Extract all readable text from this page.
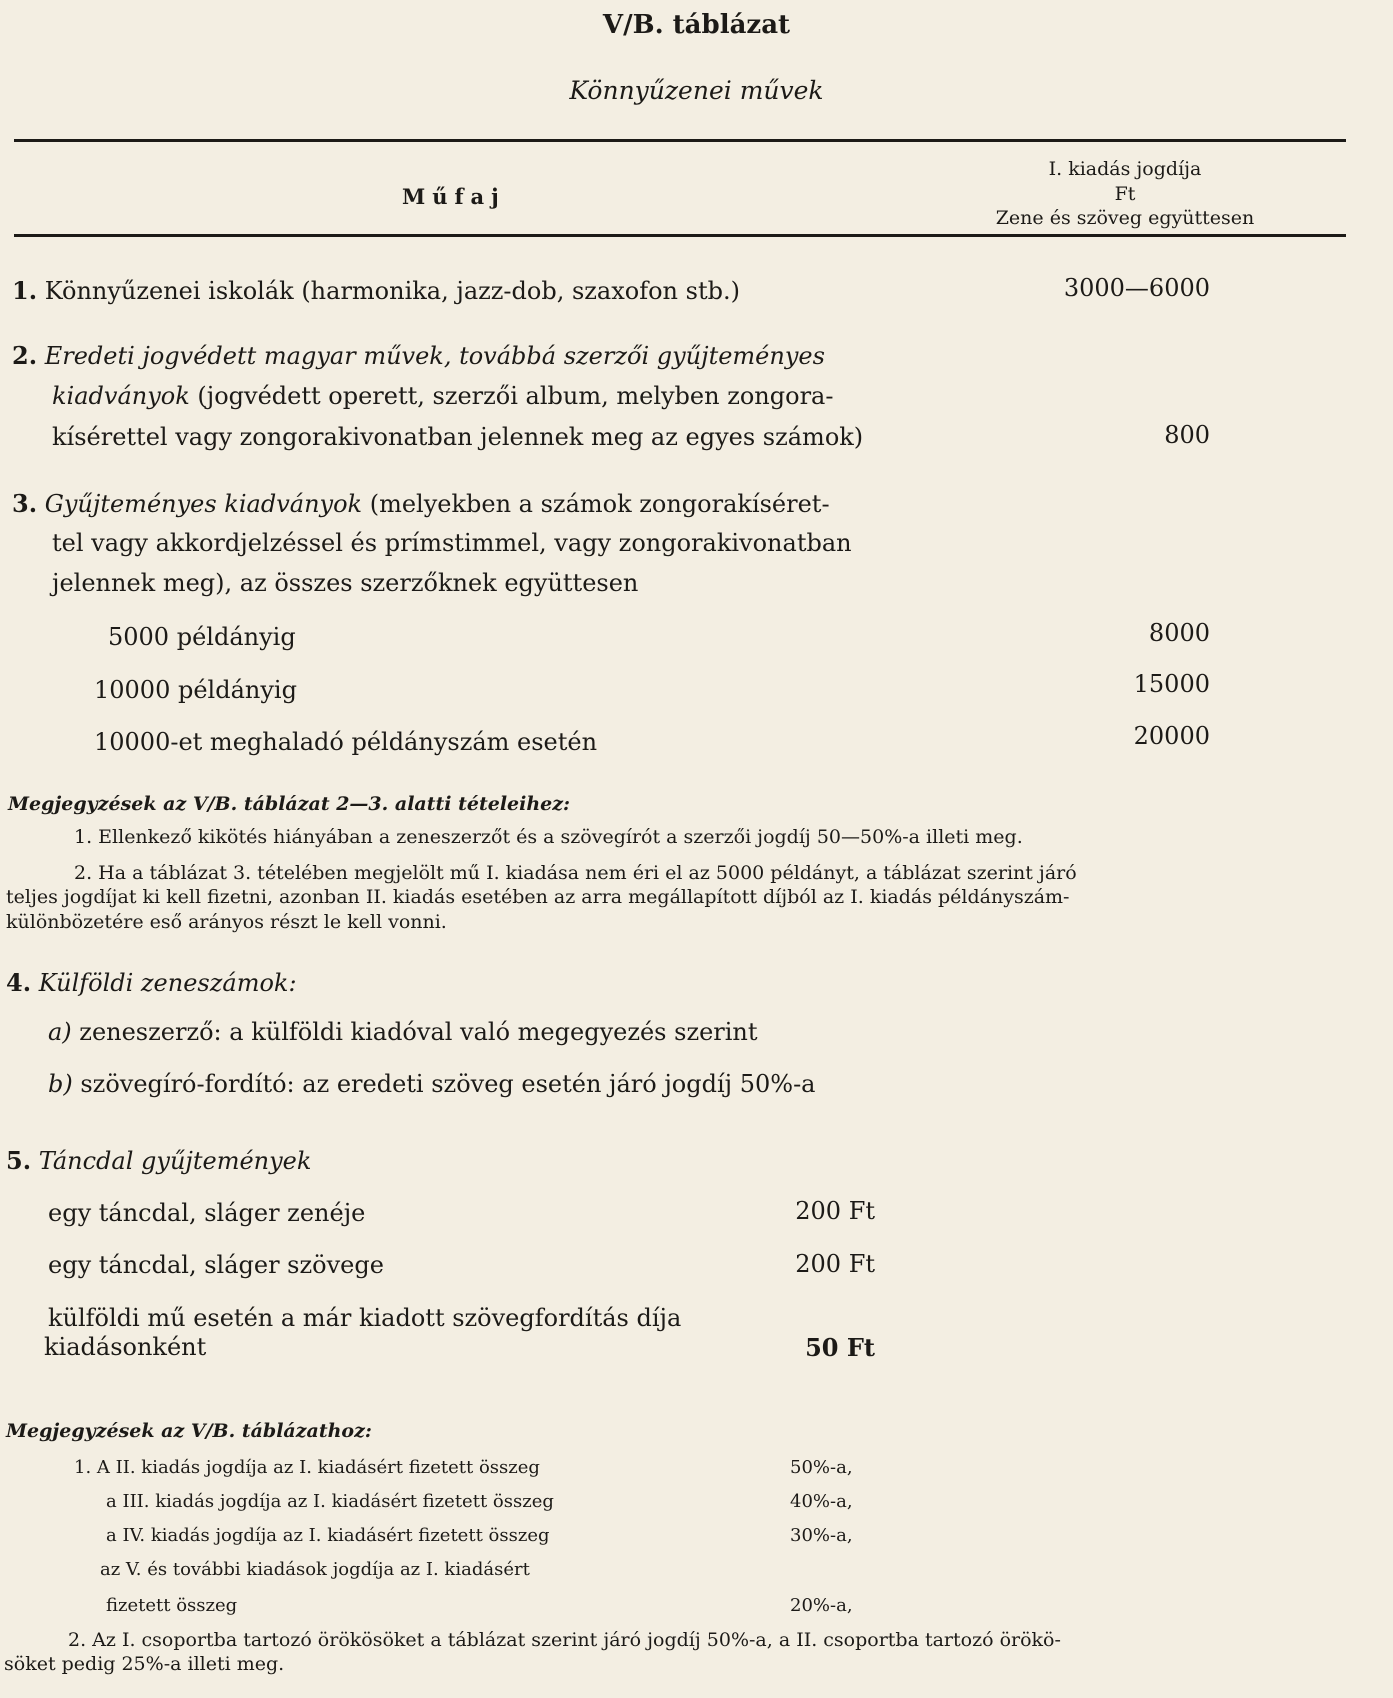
V/B. táblázat
Könnyűzenei művek
Műfaj
I. kiadás jogdíja
Ft
Zene és szöveg együttesen
1. Könnyűzenei iskolák (harmonika, jazz-dob, szaxofon stb.)	3000—6000
2. Eredeti jogvédett magyar művek, továbbá szerzői gyűjteményes
kiadványok (jogvédett operett, szerzői album, melyben zongora-
kísérettel vagy zongorakivonatban jelennek meg az egyes számok)	800
3. Gyűjteményes kiadványok (melyekben a számok zongorakíséret-
tel vagy akkordjelzéssel és prímstimmel, vagy zongorakivonatban
jelennek meg), az összes szerzőknek együttesen
5000 példányig	8000
10000 példányig	15000
10000-et meghaladó példányszám esetén	20000
Megjegyzések az V/B. táblázat 2—3. alatti tételeihez:
1. Ellenkező kikötés hiányában a zeneszerzőt és a szövegírót a szerzői jogdíj 50—50%-a illeti meg.
2. Ha a táblázat 3. tételében megjelölt mű I. kiadása nem éri el az 5000 példányt, a táblázat szerint járó
teljes jogdíjat ki kell fizetni, azonban II. kiadás esetében az arra megállapított díjból az I. kiadás példányszám-
különbözetére eső arányos részt le kell vonni.
4. Külföldi zeneszámok:
a) zeneszerző: a külföldi kiadóval való megegyezés szerint
b) szövegíró-fordító: az eredeti szöveg esetén járó jogdíj 50%-a
5. Táncdal gyűjtemények
egy táncdal, sláger zenéje	200 Ft
egy táncdal, sláger szövege	200 Ft
külföldi mű esetén a már kiadott szövegfordítás díja
kiadásonként	50 Ft
Megjegyzések az V/B. táblázathoz:
1. A II. kiadás jogdíja az I. kiadásért fizetett összeg	50%-a,
a III. kiadás jogdíja az I. kiadásért fizetett összeg	40%-a,
a IV. kiadás jogdíja az I. kiadásért fizetett összeg	30%-a,
az V. és további kiadások jogdíja az I. kiadásért
fizetett összeg	20%-a,
2. Az I. csoportba tartozó örökösöket a táblázat szerint járó jogdíj 50%-a, a II. csoportba tartozó örökö-
söket pedig 25%-a illeti meg.
